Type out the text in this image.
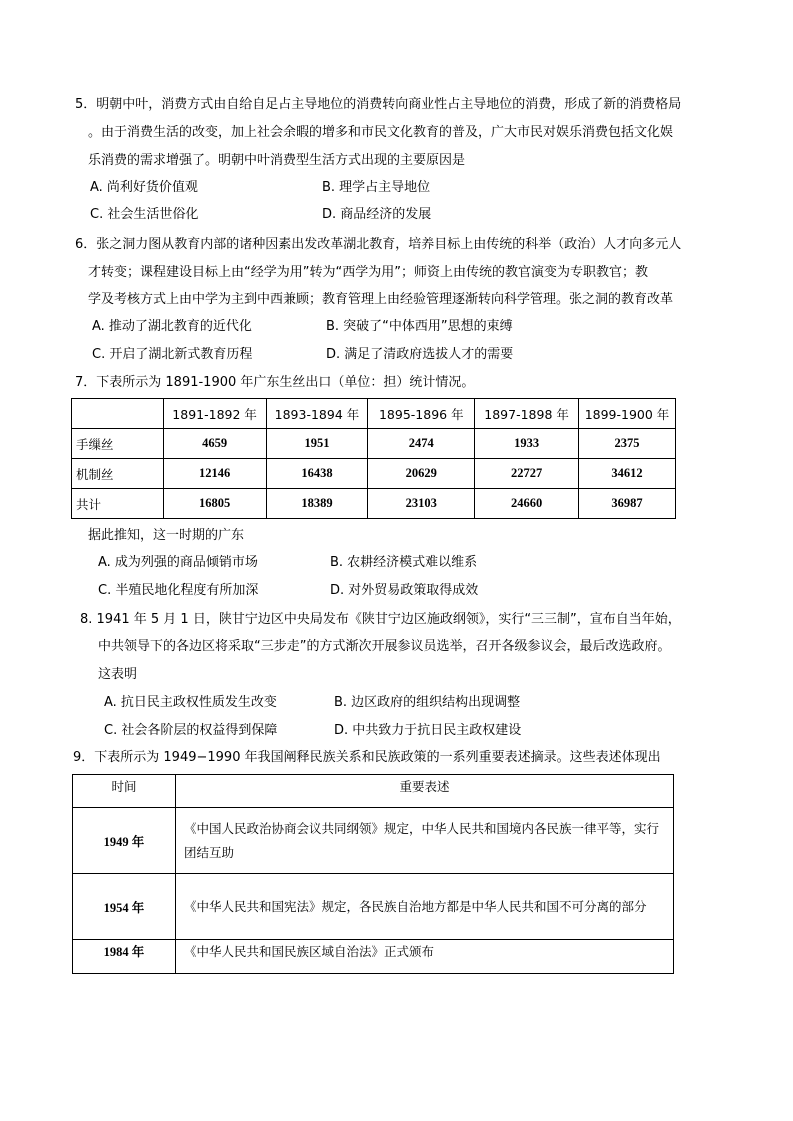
5．明朝中叶，消费方式由自给自足占主导地位的消费转向商业性占主导地位的消费，形成了新的消费格局
。由于消费生活的改变，加上社会余暇的增多和市民文化教育的普及，广大市民对娱乐消费包括文化娱
乐消费的需求增强了。明朝中叶消费型生活方式出现的主要原因是
A. 尚利好货价值观	B. 理学占主导地位
C. 社会生活世俗化	D. 商品经济的发展
6．张之洞力图从教育内部的诸种因素出发改革湖北教育，培养目标上由传统的科举（政治）人才向多元人
才转变；课程建设目标上由“经学为用”转为“西学为用”；师资上由传统的教官演变为专职教官；教
学及考核方式上由中学为主到中西兼顾；教育管理上由经验管理逐渐转向科学管理。张之洞的教育改革
A. 推动了湖北教育的近代化	B. 突破了“中体西用”思想的束缚
C. 开启了湖北新式教育历程	D. 满足了清政府选拔人才的需要
7．下表所示为 1891-1900 年广东生丝出口（单位：担）统计情况。
	1891-1892 年	1893-1894 年	1895-1896 年	1897-1898 年	1899-1900 年
手缫丝	4659	1951	2474	1933	2375
机制丝	12146	16438	20629	22727	34612
共计	16805	18389	23103	24660	36987
据此推知，这一时期的广东
A. 成为列强的商品倾销市场	B. 农耕经济模式难以维系
C. 半殖民地化程度有所加深	D. 对外贸易政策取得成效
8. 1941 年 5 月 1 日，陕甘宁边区中央局发布《陕甘宁边区施政纲领》，实行“三三制”，宣布自当年始，
中共领导下的各边区将采取“三步走”的方式渐次开展参议员选举，召开各级参议会，最后改选政府。
这表明
A. 抗日民主政权性质发生改变	B. 边区政府的组织结构出现调整
C. 社会各阶层的权益得到保障	D. 中共致力于抗日民主政权建设
9．下表所示为 1949−1990 年我国阐释民族关系和民族政策的一系列重要表述摘录。这些表述体现出
时间	重要表述
1949 年	《中国人民政治协商会议共同纲领》规定，中华人民共和国境内各民族一律平等，实行团结互助
1954 年	《中华人民共和国宪法》规定，各民族自治地方都是中华人民共和国不可分离的部分
1984 年	《中华人民共和国民族区域自治法》正式颁布
